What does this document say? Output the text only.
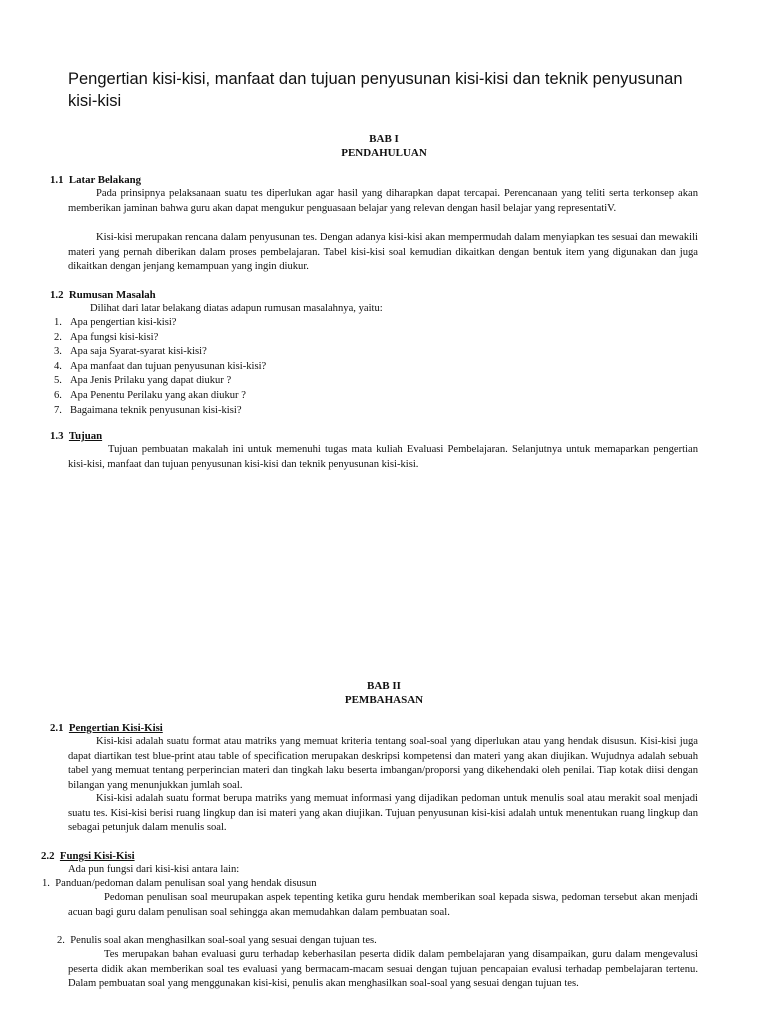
Pengertian kisi-kisi, manfaat dan tujuan penyusunan kisi-kisi dan teknik penyusunan kisi-kisi
BAB I
PENDAHULUAN
1.1 Latar Belakang
Pada prinsipnya pelaksanaan suatu tes diperlukan agar hasil yang diharapkan dapat tercapai. Perencanaan yang teliti serta terkonsep akan memberikan jaminan bahwa guru akan dapat mengukur penguasaan belajar yang relevan dengan hasil belajar yang representatiV.
Kisi-kisi merupakan rencana dalam penyusunan tes. Dengan adanya kisi-kisi akan mempermudah dalam menyiapkan tes sesuai dan mewakili materi yang pernah diberikan dalam proses pembelajaran. Tabel kisi-kisi soal kemudian dikaitkan dengan bentuk item yang digunakan dan juga dikaitkan dengan jenjang kemampuan yang ingin diukur.
1.2 Rumusan Masalah
Dilihat dari latar belakang diatas adapun rumusan masalahnya, yaitu:
1. Apa pengertian kisi-kisi?
2. Apa fungsi kisi-kisi?
3. Apa saja Syarat-syarat kisi-kisi?
4. Apa manfaat dan tujuan penyusunan kisi-kisi?
5. Apa Jenis Prilaku yang dapat diukur ?
6. Apa Penentu Perilaku yang akan diukur ?
7. Bagaimana teknik penyusunan kisi-kisi?
1.3 Tujuan
Tujuan pembuatan makalah ini untuk memenuhi tugas mata kuliah Evaluasi Pembelajaran. Selanjutnya untuk memaparkan pengertian kisi-kisi, manfaat dan tujuan penyusunan kisi-kisi dan teknik penyusunan kisi-kisi.
BAB II
PEMBAHASAN
2.1 Pengertian Kisi-Kisi
Kisi-kisi adalah suatu format atau matriks yang memuat kriteria tentang soal-soal yang diperlukan atau yang hendak disusun. Kisi-kisi juga dapat diartikan test blue-print atau table of specification merupakan deskripsi kompetensi dan materi yang akan diujikan. Wujudnya adalah sebuah tabel yang memuat tentang perperincian materi dan tingkah laku beserta imbangan/proporsi yang dikehendaki oleh penilai. Tiap kotak diisi dengan bilangan yang menunjukkan jumlah soal.
Kisi-kisi adalah suatu format berupa matriks yang memuat informasi yang dijadikan pedoman untuk menulis soal atau merakit soal menjadi suatu tes. Kisi-kisi berisi ruang lingkup dan isi materi yang akan diujikan. Tujuan penyusunan kisi-kisi adalah untuk menentukan ruang lingkup dan sebagai petunjuk dalam menulis soal.
2.2 Fungsi Kisi-Kisi
Ada pun fungsi dari kisi-kisi antara lain:
1. Panduan/pedoman dalam penulisan soal yang hendak disusun
Pedoman penulisan soal meurupakan aspek tepenting ketika guru hendak memberikan soal kepada siswa, pedoman tersebut akan menjadi acuan bagi guru dalam penulisan soal sehingga akan memudahkan dalam pembuatan soal.
2. Penulis soal akan menghasilkan soal-soal yang sesuai dengan tujuan tes.
Tes merupakan bahan evaluasi guru terhadap keberhasilan peserta didik dalam pembelajaran yang disampaikan, guru dalam mengevalusi peserta didik akan memberikan soal tes evaluasi yang bermacam-macam sesuai dengan tujuan pencapaian evalusi terhadap pembelajaran tertenu. Dalam pembuatan soal yang menggunakan kisi-kisi, penulis akan menghasilkan soal-soal yang sesuai dengan tujuan tes.
